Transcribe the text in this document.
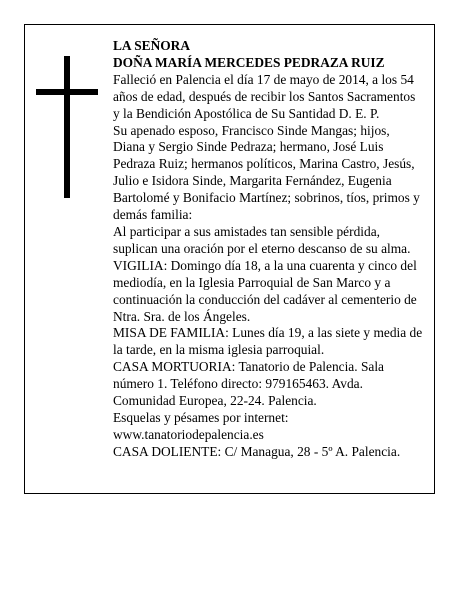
LA SEÑORA

DOÑA MARÍA MERCEDES PEDRAZA RUIZ

Falleció en Palencia el día 17 de mayo de 2014, a los 54 años de edad, después de recibir los Santos Sacramentos y la Bendición Apostólica de Su Santidad D. E. P.

Su apenado esposo, Francisco Sinde Mangas; hijos, Diana y Sergio Sinde Pedraza; hermano, José Luis Pedraza Ruiz; hermanos políticos, Marina Castro, Jesús, Julio e Isidora Sinde, Margarita Fernández, Eugenia Bartolomé y Bonifacio Martínez; sobrinos, tíos, primos y demás familia:

Al participar a sus amistades tan sensible pérdida, suplican una oración por el eterno descanso de su alma.

VIGILIA: Domingo día 18, a la una cuarenta y cinco del mediodía, en la Iglesia Parroquial de San Marco y a continuación la conducción del cadáver al cementerio de Ntra. Sra. de los Ángeles.

MISA DE FAMILIA: Lunes día 19, a las siete y media de la tarde, en la misma iglesia parroquial.

CASA MORTUORIA: Tanatorio de Palencia. Sala número 1. Teléfono directo: 979165463. Avda. Comunidad Europea, 22-24. Palencia.

Esquelas y pésames por internet: www.tanatoriodepalencia.es

CASA DOLIENTE: C/ Managua, 28 - 5º A. Palencia.
